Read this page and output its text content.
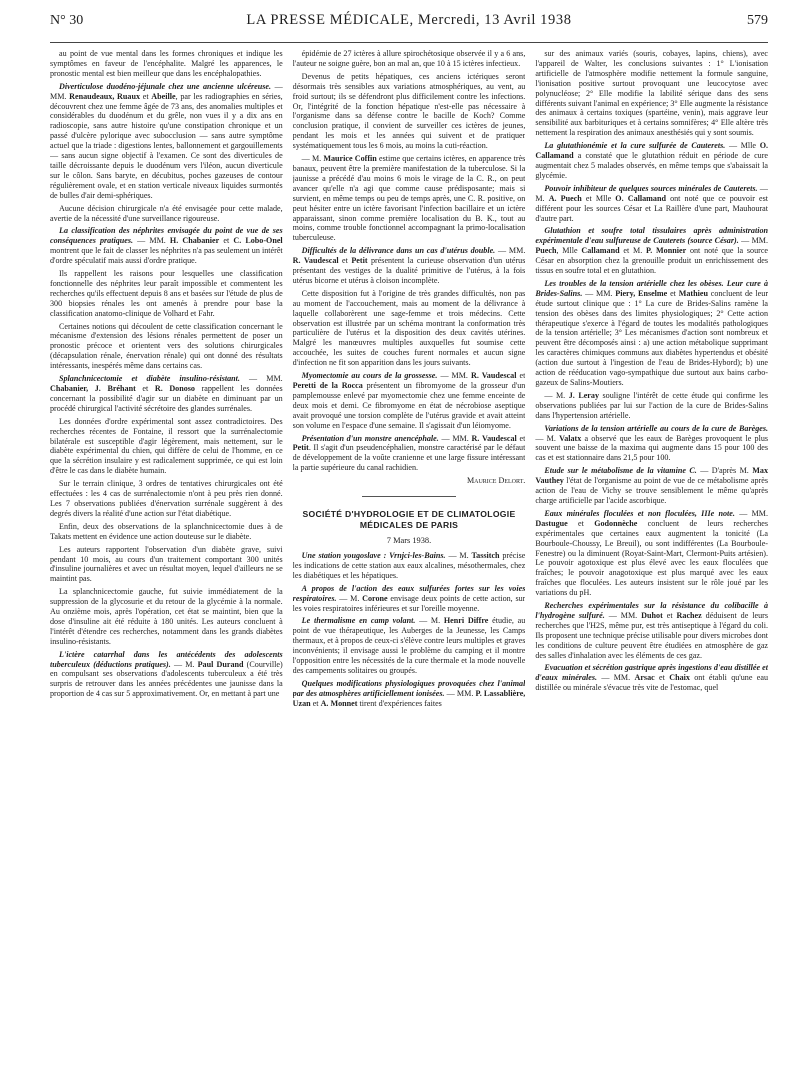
N° 30	LA PRESSE MÉDICALE, Mercredi, 13 Avril 1938	579

au point de vue mental dans les formes chroniques et indique les symptômes en faveur de l'encéphalite. Malgré les apparences, le pronostic mental est bien meilleur que dans les encéphalopathies.

Diverticulose duodéno-jéjunale chez une ancienne ulcéreuse. — MM. Renaudeaux, Ruaux et Abeille, par les radiographies en séries, découvrent chez une femme âgée de 73 ans, des anomalies multiples et considérables du duodénum et du grêle, non vues il y a dix ans en radioscopie, sans autre histoire qu'une constipation chronique et un passé d'ulcère pylorique avec subocclusion — sans autre symptôme actuel que la triade : digestions lentes, ballonnement et gargouillements — sans aucun signe objectif à l'examen. Ce sont des diverticules de taille décroissante depuis le duodénum vers l'iléon, aucun diverticule sur le côlon. Sans baryte, en décubitus, poches gazeuses de contour régulièrement ovale, et en station verticale niveaux liquides surmontés de bulles d'air demi-sphériques.

Aucune décision chirurgicale n'a été envisagée pour cette malade, avertie de la nécessité d'une surveillance rigoureuse.

La classification des néphrites envisagée du point de vue de ses conséquences pratiques. — MM. H. Chabanier et C. Lobo-Onel montrent que le fait de classer les néphrites n'a pas seulement un intérêt d'ordre spéculatif mais aussi d'ordre pratique.

Ils rappellent les raisons pour lesquelles une classification fonctionnelle des néphrites leur paraît impossible et commentent les recherches qu'ils effectuent depuis 8 ans et basées sur l'étude de plus de 300 biopsies rénales les ont amenés à prendre pour base la classification anatomo-clinique de Volhard et Fahr.

Certaines notions qui découlent de cette classification concernant le mécanisme d'extension des lésions rénales permettent de poser un pronostic précoce et orientent vers des solutions chirurgicales (décapsulation rénale, énervation rénale) qui ont donné des résultats intéressants, inespérés même dans certains cas.

Splanchnicectomie et diabète insulino-résistant. — MM. Chabanier, J. Bréhant et R. Donoso rappellent les données concernant la possibilité d'agir sur un diabète en diminuant par un procédé chirurgical l'activité sécrétoire des glandes surrénales.

Les données d'ordre expérimental sont assez contradictoires. Des recherches récentes de Fontaine, il ressort que la surrénalectomie bilatérale est susceptible d'agir légèrement, mais nettement, sur le diabète expérimental du chien, qui diffère de celui de l'homme, en ce que la sécrétion insulaire y est radicalement supprimée, ce qui est loin d'être le cas dans le diabète humain.

Sur le terrain clinique, 3 ordres de tentatives chirurgicales ont été effectuées : les 4 cas de surrénalectomie n'ont à peu près rien donné. Les 7 observations publiées d'énervation surrénale suggèrent à des degrés divers la réalité d'une action sur l'état diabétique.

Enfin, deux des observations de la splanchnicectomie dues à de Takats mettent en évidence une action douteuse sur le diabète.

Les auteurs rapportent l'observation d'un diabète grave, suivi pendant 10 mois, au cours d'un traitement comportant 300 unités d'insuline journalières et avec un résultat moyen, lequel d'ailleurs ne se maintint pas.

La splanchnicectomie gauche, fut suivie immédiatement de la suppression de la glycosurie et du retour de la glycémie à la normale. Au onzième mois, après l'opération, cet état se maintint, bien que la dose d'insuline ait été réduite à 180 unités. Les auteurs concluent à l'intérêt d'étendre ces recherches, notamment dans les grands diabètes insulino-résistants.

L'ictère catarrhal dans les antécédents des adolescents tuberculeux (déductions pratiques). — M. Paul Durand (Courville) en compulsant ses observations d'adolescents tuberculeux a été très surpris de retrouver dans les années précédentes une jaunisse dans la proportion de 4 cas sur 5 approximativement. Or, en mettant à part une

épidémie de 27 ictères à allure spirochétosique observée il y a 6 ans, l'auteur ne soigne guère, bon an mal an, que 10 à 15 ictères infectieux.

Devenus de petits hépatiques, ces anciens ictériques seront désormais très sensibles aux variations atmosphériques, au vent, au froid surtout; ils se défendront plus difficilement contre les infections. Or, l'intégrité de la fonction hépatique n'est-elle pas nécessaire à l'organisme dans sa défense contre le bacille de Koch? Comme conclusion pratique, il convient de surveiller ces ictères de jeunes, pendant les mois et les années qui suivent et de pratiquer systématiquement tous les 6 mois, au moins la cuti-réaction.

— M. Maurice Coffin estime que certains ictères, en apparence très banaux, peuvent être la première manifestation de la tuberculose. Si la jaunisse a précédé d'au moins 6 mois le virage de la C. R., on peut avancer qu'elle n'a agi que comme cause prédisposante; mais si survient, en même temps ou peu de temps après, une C. R. positive, on peut hésiter entre un ictère favorisant l'infection bacillaire et un ictère apparaissant, sinon comme première localisation du B. K., tout au moins, comme trouble fonctionnel accompagnant la primo-localisation tuberculeuse.

Difficultés de la délivrance dans un cas d'utérus double. — MM. R. Vaudescal et Petit présentent la curieuse observation d'un utérus présentant des vestiges de la dualité primitive de l'utérus, à la fois utérus bicorne et utérus à cloison incomplète.

Cette disposition fut à l'origine de très grandes difficultés, non pas au moment de l'accouchement, mais au moment de la délivrance à laquelle collaborèrent une sage-femme et trois médecins. Cette observation est illustrée par un schéma montrant la conformation très particulière de l'utérus et la disposition des deux cavités utérines. Malgré les manœuvres multiples auxquelles fut soumise cette accouchée, les suites de couches furent normales et aucun signe d'infection ne fit son apparition dans les jours suivants.

Myomectomie au cours de la grossesse. — MM. R. Vaudescal et Peretti de la Rocca présentent un fibromyome de la grosseur d'un pamplemousse enlevé par myomectomie chez une femme enceinte de deux mois et demi. Ce fibromyome en état de nécrobiose aseptique avait provoqué une torsion complète de l'utérus gravide et avait atteint son volume en l'espace d'une semaine. Il s'agissait d'un léiomyome.

Présentation d'un monstre anencéphale. — MM. R. Vaudescal et Petit. Il s'agit d'un pseudencéphalien, monstre caractérisé par le défaut de développement de la voûte cranienne et une large fissure intéressant la partie supérieure du canal rachidien.

Maurice Delort.
SOCIÉTÉ D'HYDROLOGIE ET DE CLIMATOLOGIE MÉDICALES DE PARIS
7 Mars 1938.

Une station yougoslave : Vrnjci-les-Bains. — M. Tassitch précise les indications de cette station aux eaux alcalines, mésothermales, chez les diabétiques et les hépatiques.

A propos de l'action des eaux sulfurées fortes sur les voies respiratoires. — M. Corone envisage deux points de cette action, sur les voies respiratoires inférieures et sur l'oreille moyenne.

Le thermalisme en camp volant. — M. Henri Diffre étudie, au point de vue thérapeutique, les Auberges de la Jeunesse, les Camps thermaux, et à propos de ceux-ci s'élève contre leurs multiples et graves inconvénients; il envisage aussi le problème du camping et il montre l'opposition entre les nécessités de la cure thermale et la mode nouvelle des campements solitaires ou groupés.

Quelques modifications physiologiques provoquées chez l'animal par des atmosphères artificiellement ionisées. — MM. P. Lassablière, Uzan et A. Monnet tirent d'expériences faites

sur des animaux variés (souris, cobayes, lapins, chiens), avec l'appareil de Walter, les conclusions suivantes : 1° L'ionisation artificielle de l'atmosphère modifie nettement la formule sanguine, l'ionisation positive surtout provoquant une leucocytose avec polynucléose; 2° Elle modifie la labilité sérique dans des sens différents suivant l'animal en expérience; 3° Elle augmente la résistance des animaux à certains toxiques (spartéine, venin), mais aggrave leur sensibilité aux barbituriques et à certains somnifères; 4° Elle altère très nettement la respiration des animaux anesthésiés qui y sont soumis.

La glutathionémie et la cure sulfurée de Cauterets. — Mlle O. Callamand a constaté que le glutathion réduit en période de cure augmentait chez 5 malades observés, en même temps que s'abaissait la glycémie.

Pouvoir inhibiteur de quelques sources minérales de Cauterets. — M. A. Puech et Mlle O. Callamand ont noté que ce pouvoir est différent pour les sources César et La Raillère d'une part, Mauhourat d'autre part.

Glutathion et soufre total tissulaires après administration expérimentale d'eau sulfureuse de Cauterets (source César). — MM. Puech, Mlle Callamand et M. P. Monnier ont noté que la source César en absorption chez la grenouille produit un enrichissement des tissus en soufre total et en glutathion.

Les troubles de la tension artérielle chez les obèses. Leur cure à Brides-Salins. — MM. Piery, Enselme et Mathieu concluent de leur étude surtout clinique que : 1° La cure de Brides-Salins ramène la tension des obèses dans des limites physiologiques; 2° Cette action thérapeutique s'exerce à l'égard de toutes les modalités pathologiques de la tension artérielle; 3° Les mécanismes d'action sont nombreux et peuvent être décomposés ainsi : a) une action métabolique supprimant les caractères chimiques communs aux diabètes hypertendus et obésité (action due surtout à l'ingestion de l'eau de Brides-Hybord); b) une action de rééducation vago-sympathique due surtout aux bains carbo-gazeux de Salins-Moutiers.

— M. J. Leray souligne l'intérêt de cette étude qui confirme les observations publiées par lui sur l'action de la cure de Brides-Salins dans l'hypertension artérielle.

Variations de la tension artérielle au cours de la cure de Barèges. — M. Valatx a observé que les eaux de Barèges provoquent le plus souvent une baisse de la maxima qui augmente dans 15 pour 100 des cas et est stationnaire dans 21,5 pour 100.

Etude sur le métabolisme de la vitamine C. — D'après M. Max Vauthey l'état de l'organisme au point de vue de ce métabolisme après action de l'eau de Vichy se trouve sensiblement le même qu'après charge artificielle par l'acide ascorbique.

Eaux minérales floculées et non floculées, IIIe note. — MM. Dastugue et Godonnèche concluent de leurs recherches expérimentales que certaines eaux augmentent la tonicité (La Bourboule-Choussy, Le Breuil), ou sont indifférentes (La Bourboule-Fenestre) ou la diminuent (Royat-Saint-Mart, Clermont-Puits artésien). Le pouvoir agotoxique est plus élevé avec les eaux floculées que fraîches; le pouvoir anagotoxique est plus marqué avec les eaux fraîches que floculées. Les auteurs insistent sur le rôle joué par les variations du pH.

Recherches expérimentales sur la résistance du colibacille à l'hydrogène sulfuré. — MM. Duhot et Rachez déduisent de leurs recherches que l'H2S, même pur, est très antiseptique à l'égard du coli. Ils proposent une technique précise utilisable pour divers microbes dont les conditions de culture peuvent être étudiées en atmosphère de gaz des salles d'inhalation avec les éléments de ces gaz.

Evacuation et sécrétion gastrique après ingestions d'eau distillée et d'eaux minérales. — MM. Arsac et Chaix ont établi qu'une eau distillée ou minérale s'évacue très vite de l'estomac, quel
